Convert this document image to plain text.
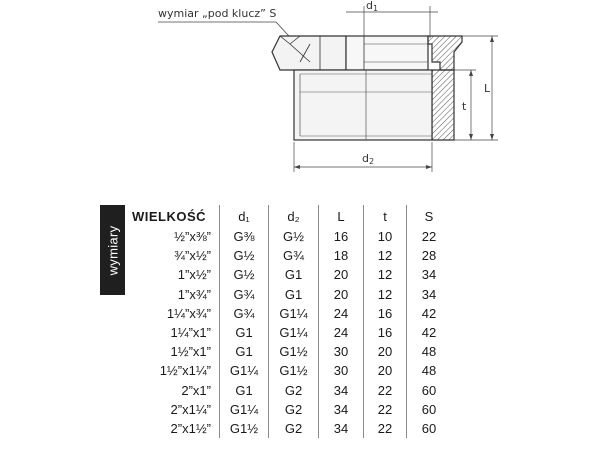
wymiar „pod klucz” S
d1
d2
L
t
wymiary
WIELKOŚĆ	d₁	d₂	L	t	S
½”x⅜”	G⅜	G½	16	10	22
¾”x½”	G½	G¾	18	12	28
1”x½”	G½	G1	20	12	34
1”x¾”	G¾	G1	20	12	34
1¼”x¾”	G¾	G1¼	24	16	42
1¼”x1”	G1	G1¼	24	16	42
1½”x1”	G1	G1½	30	20	48
1½”x1¼”	G1¼	G1½	30	20	48
2”x1”	G1	G2	34	22	60
2”x1¼”	G1¼	G2	34	22	60
2”x1½”	G1½	G2	34	22	60
